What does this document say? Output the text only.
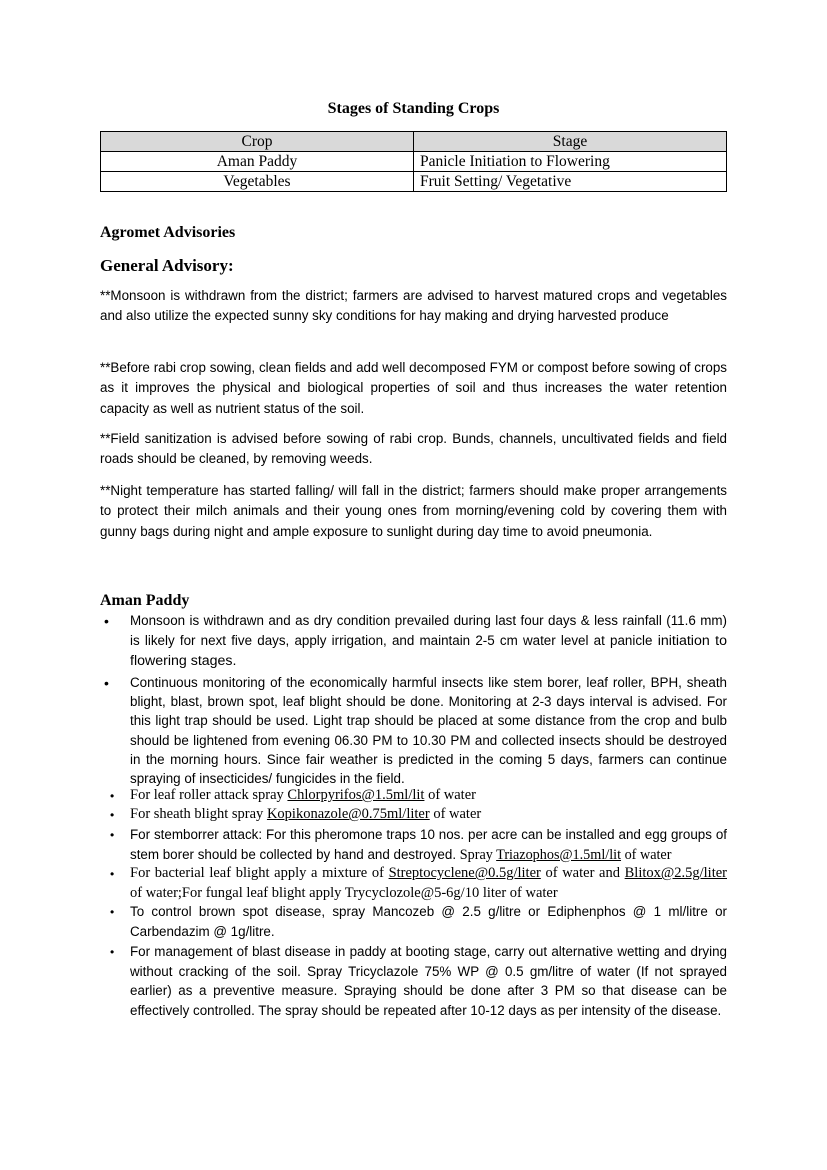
Stages of Standing Crops
Crop	Stage
Aman Paddy	Panicle Initiation to Flowering
Vegetables	Fruit Setting/ Vegetative
Agromet Advisories
General Advisory:
**Monsoon is withdrawn from the district; farmers are advised to harvest matured crops and vegetables and also utilize the expected sunny sky conditions for hay making and drying harvested produce
**Before rabi crop sowing, clean fields and add well decomposed FYM or compost before sowing of crops as it improves the physical and biological properties of soil and thus increases the water retention capacity as well as nutrient status of the soil.
**Field sanitization is advised before sowing of rabi crop. Bunds, channels, uncultivated fields and field roads should be cleaned, by removing weeds.
**Night temperature has started falling/ will fall in the district; farmers should make proper arrangements to protect their milch animals and their young ones from morning/evening cold by covering them with gunny bags during night and ample exposure to sunlight during day time to avoid pneumonia.
Aman Paddy
• Monsoon is withdrawn and as dry condition prevailed during last four days & less rainfall (11.6 mm) is likely for next five days, apply irrigation, and maintain 2-5 cm water level at panicle initiation to flowering stages.
• Continuous monitoring of the economically harmful insects like stem borer, leaf roller, BPH, sheath blight, blast, brown spot, leaf blight should be done. Monitoring at 2-3 days interval is advised. For this light trap should be used. Light trap should be placed at some distance from the crop and bulb should be lightened from evening 06.30 PM to 10.30 PM and collected insects should be destroyed in the morning hours. Since fair weather is predicted in the coming 5 days, farmers can continue spraying of insecticides/ fungicides in the field.
• For leaf roller attack spray Chlorpyrifos@1.5ml/lit of water
• For sheath blight spray Kopikonazole@0.75ml/liter of water
• For stemborrer attack: For this pheromone traps 10 nos. per acre can be installed and egg groups of stem borer should be collected by hand and destroyed. Spray Triazophos@1.5ml/lit of water
• For bacterial leaf blight apply a mixture of Streptocyclene@0.5g/liter of water and Blitox@2.5g/liter of water;For fungal leaf blight apply Trycyclozole@5-6g/10 liter of water
• To control brown spot disease, spray Mancozeb @ 2.5 g/litre or Ediphenphos @ 1 ml/litre or Carbendazim @ 1g/litre.
• For management of blast disease in paddy at booting stage, carry out alternative wetting and drying without cracking of the soil. Spray Tricyclazole 75% WP @ 0.5 gm/litre of water (If not sprayed earlier) as a preventive measure. Spraying should be done after 3 PM so that disease can be effectively controlled. The spray should be repeated after 10-12 days as per intensity of the disease.
